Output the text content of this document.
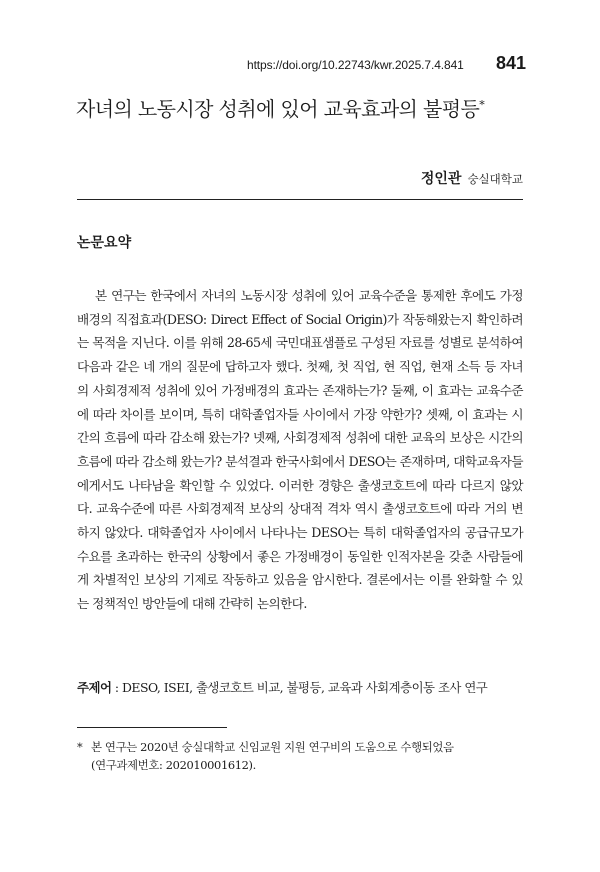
https://doi.org/10.22743/kwr.2025.7.4.841 841
자녀의 노동시장 성취에 있어 교육효과의 불평등*
정인관 숭실대학교
논문요약

본 연구는 한국에서 자녀의 노동시장 성취에 있어 교육수준을 통제한 후에도 가정배경의 직접효과(DESO: Direct Effect of Social Origin)가 작동해왔는지 확인하려는 목적을 지닌다. 이를 위해 28-65세 국민대표샘플로 구성된 자료를 성별로 분석하여 다음과 같은 네 개의 질문에 답하고자 했다. 첫째, 첫 직업, 현 직업, 현재 소득 등 자녀의 사회경제적 성취에 있어 가정배경의 효과는 존재하는가? 둘째, 이 효과는 교육수준에 따라 차이를 보이며, 특히 대학졸업자들 사이에서 가장 약한가? 셋째, 이 효과는 시간의 흐름에 따라 감소해 왔는가? 넷째, 사회경제적 성취에 대한 교육의 보상은 시간의 흐름에 따라 감소해 왔는가? 분석결과 한국사회에서 DESO는 존재하며, 대학교육자들에게서도 나타남을 확인할 수 있었다. 이러한 경향은 출생코호트에 따라 다르지 않았다. 교육수준에 따른 사회경제적 보상의 상대적 격차 역시 출생코호트에 따라 거의 변하지 않았다. 대학졸업자 사이에서 나타나는 DESO는 특히 대학졸업자의 공급규모가 수요를 초과하는 한국의 상황에서 좋은 가정배경이 동일한 인적자본을 갖춘 사람들에게 차별적인 보상의 기제로 작동하고 있음을 암시한다. 결론에서는 이를 완화할 수 있는 정책적인 방안들에 대해 간략히 논의한다.

주제어 : DESO, ISEI, 출생코호트 비교, 불평등, 교육과 사회계층이동 조사 연구
* 본 연구는 2020년 숭실대학교 신임교원 지원 연구비의 도움으로 수행되었음
(연구과제번호: 202010001612).
